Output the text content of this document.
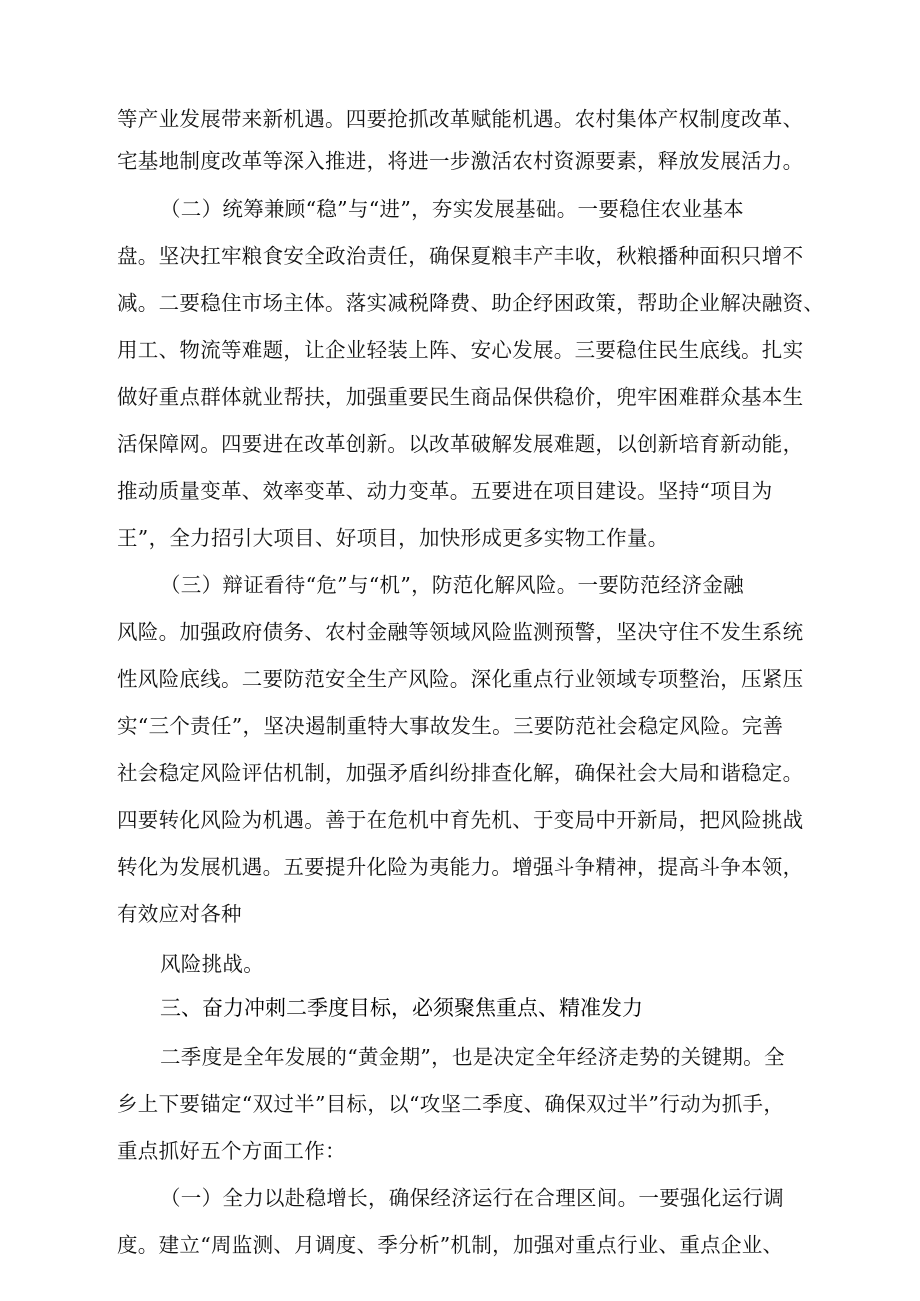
等产业发展带来新机遇。四要抢抓改革赋能机遇。农村集体产权制度改革、
宅基地制度改革等深入推进，将进一步激活农村资源要素，释放发展活力。
（二）统筹兼顾“稳”与“进”，夯实发展基础。一要稳住农业基本
盘。坚决扛牢粮食安全政治责任，确保夏粮丰产丰收，秋粮播种面积只增不
减。二要稳住市场主体。落实减税降费、助企纾困政策，帮助企业解决融资、
用工、物流等难题，让企业轻装上阵、安心发展。三要稳住民生底线。扎实
做好重点群体就业帮扶，加强重要民生商品保供稳价，兜牢困难群众基本生
活保障网。四要进在改革创新。以改革破解发展难题，以创新培育新动能，
推动质量变革、效率变革、动力变革。五要进在项目建设。坚持“项目为
王”，全力招引大项目、好项目，加快形成更多实物工作量。
（三）辩证看待“危”与“机”，防范化解风险。一要防范经济金融
风险。加强政府债务、农村金融等领域风险监测预警，坚决守住不发生系统
性风险底线。二要防范安全生产风险。深化重点行业领域专项整治，压紧压
实“三个责任”，坚决遏制重特大事故发生。三要防范社会稳定风险。完善
社会稳定风险评估机制，加强矛盾纠纷排查化解，确保社会大局和谐稳定。
四要转化风险为机遇。善于在危机中育先机、于变局中开新局，把风险挑战
转化为发展机遇。五要提升化险为夷能力。增强斗争精神，提高斗争本领，
有效应对各种
风险挑战。
三、奋力冲刺二季度目标，必须聚焦重点、精准发力
二季度是全年发展的“黄金期”，也是决定全年经济走势的关键期。全
乡上下要锚定“双过半”目标，以“攻坚二季度、确保双过半”行动为抓手，
重点抓好五个方面工作：
（一）全力以赴稳增长，确保经济运行在合理区间。一要强化运行调
度。建立“周监测、月调度、季分析”机制，加强对重点行业、重点企业、
